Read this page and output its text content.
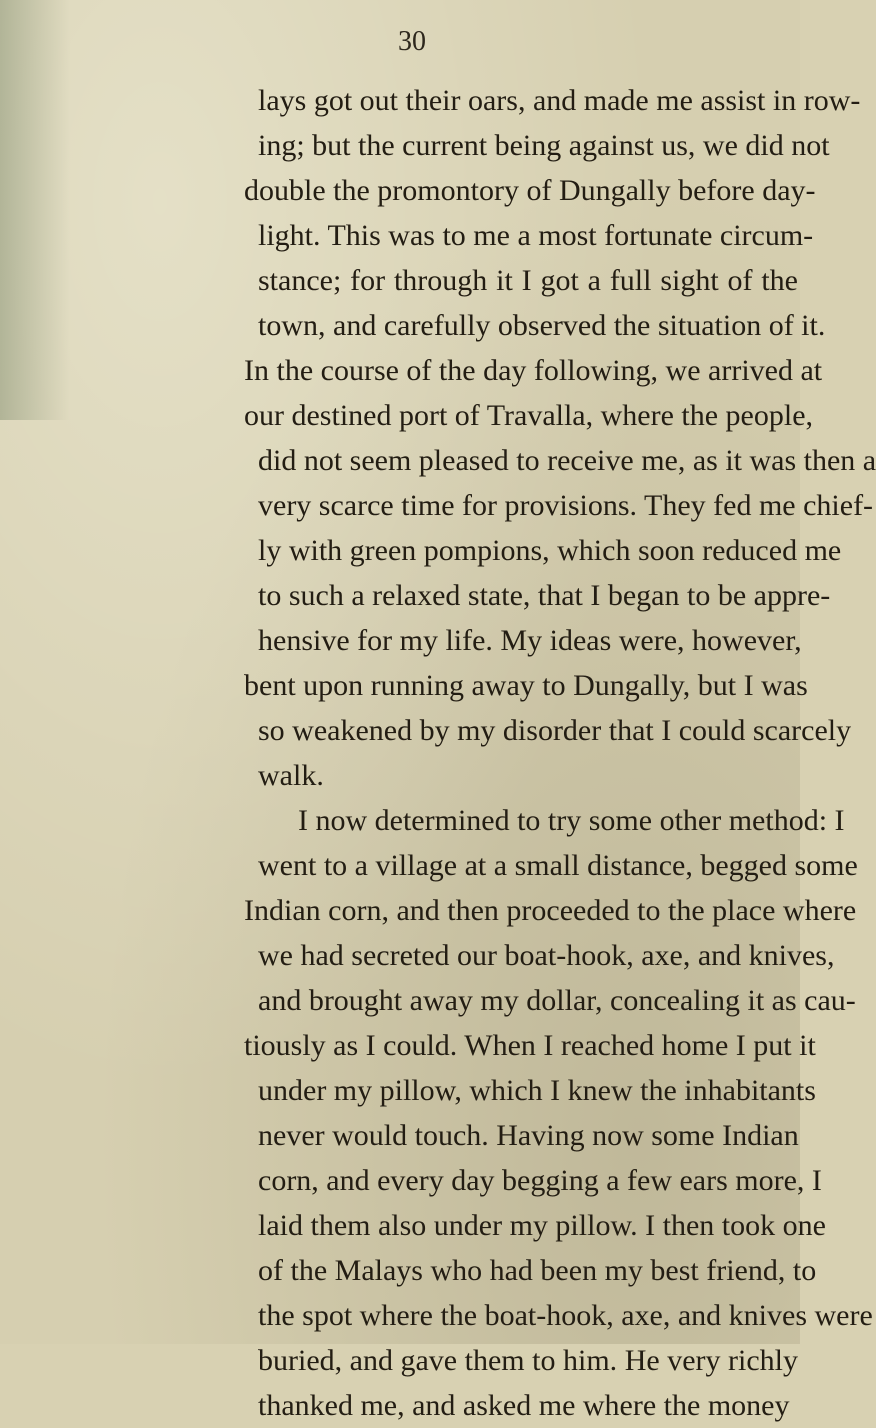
30
lays got out their oars, and made me assist in row-
ing; but the current being against us, we did not
double the promontory of Dungally before day-
light. This was to me a most fortunate circum-
stance; for through it I got a full sight of the
town, and carefully observed the situation of it.
In the course of the day following, we arrived at
our destined port of Travalla, where the people,
did not seem pleased to receive me, as it was then a
very scarce time for provisions. They fed me chief-
ly with green pompions, which soon reduced me
to such a relaxed state, that I began to be appre-
hensive for my life. My ideas were, however,
bent upon running away to Dungally, but I was
so weakened by my disorder that I could scarcely
walk.
I now determined to try some other method: I
went to a village at a small distance, begged some
Indian corn, and then proceeded to the place where
we had secreted our boat-hook, axe, and knives,
and brought away my dollar, concealing it as cau-
tiously as I could. When I reached home I put it
under my pillow, which I knew the inhabitants
never would touch. Having now some Indian
corn, and every day begging a few ears more, I
laid them also under my pillow. I then took one
of the Malays who had been my best friend, to
the spot where the boat-hook, axe, and knives were
buried, and gave them to him. He very richly
thanked me, and asked me where the money
